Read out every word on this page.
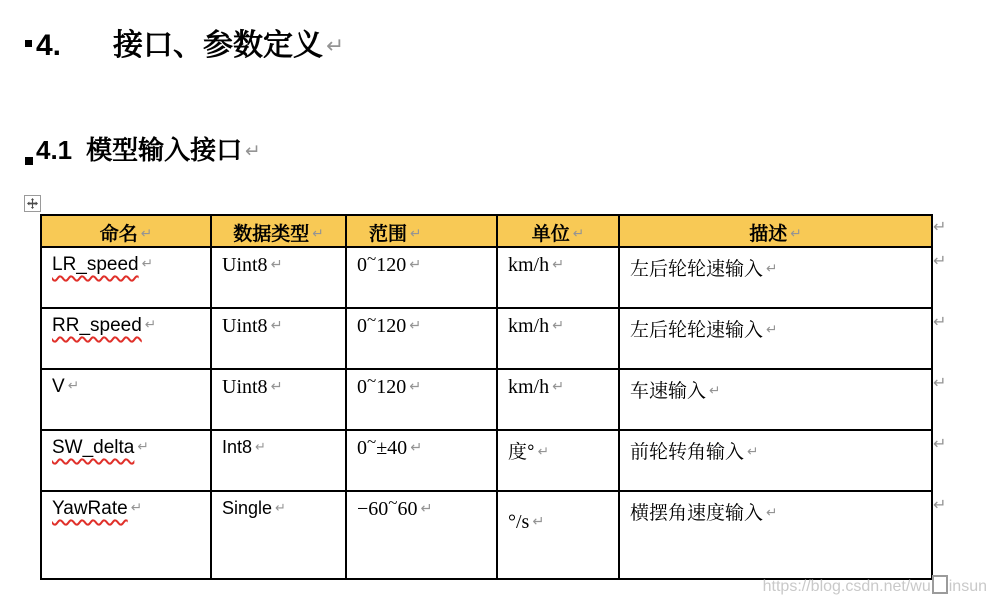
4. 接口、参数定义 ↵
4.1 模型输入接口 ↵
命名 ↵	数据类型 ↵	范围 ↵	单位 ↵	描述 ↵
LR_speed ↵	Uint8 ↵	0~120 ↵	km/h ↵	左后轮轮速输入 ↵
RR_speed ↵	Uint8 ↵	0~120 ↵	km/h ↵	左后轮轮速输入 ↵
V ↵	Uint8 ↵	0~120 ↵	km/h ↵	车速输入 ↵
SW_delta ↵	Int8 ↵	0~±40 ↵	度° ↵	前轮转角输入 ↵
YawRate ↵	Single ↵	−60~60 ↵	°/s ↵	横摆角速度输入 ↵
↵
↵
↵
↵
↵
↵
https://blog.csdn.net/wu insun
